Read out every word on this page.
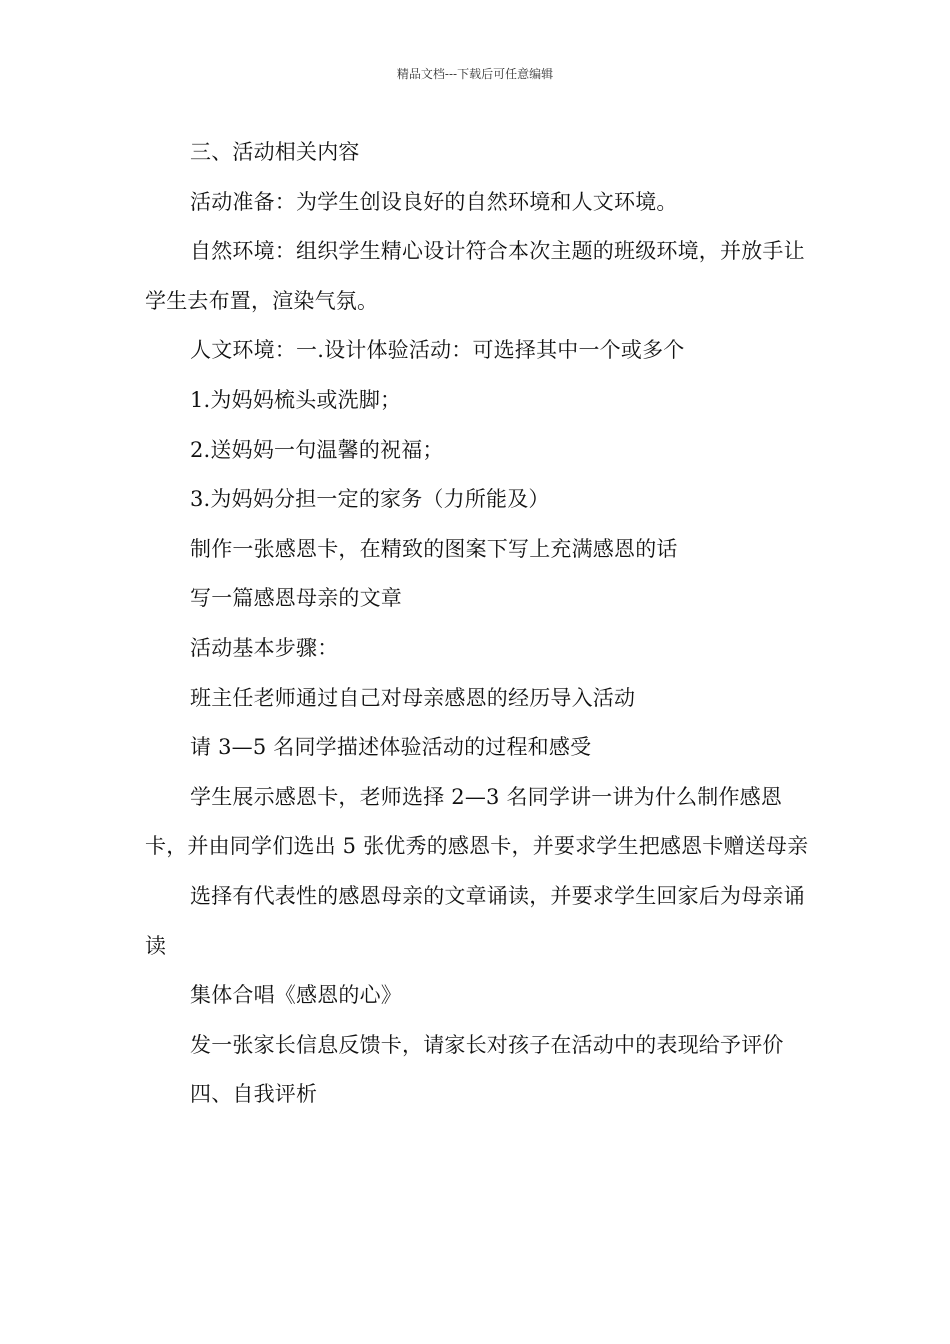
精品文档---下载后可任意编辑

三、活动相关内容

活动准备：为学生创设良好的自然环境和人文环境。

自然环境：组织学生精心设计符合本次主题的班级环境，并放手让学生去布置，渲染气氛。

人文环境：一.设计体验活动：可选择其中一个或多个

1.为妈妈梳头或洗脚；

2.送妈妈一句温馨的祝福；

3.为妈妈分担一定的家务（力所能及）

制作一张感恩卡，在精致的图案下写上充满感恩的话

写一篇感恩母亲的文章

活动基本步骤：

班主任老师通过自己对母亲感恩的经历导入活动

请 3—5 名同学描述体验活动的过程和感受

学生展示感恩卡，老师选择 2—3 名同学讲一讲为什么制作感恩卡，并由同学们选出 5 张优秀的感恩卡，并要求学生把感恩卡赠送母亲

选择有代表性的感恩母亲的文章诵读，并要求学生回家后为母亲诵读

集体合唱《感恩的心》

发一张家长信息反馈卡，请家长对孩子在活动中的表现给予评价

四、自我评析
